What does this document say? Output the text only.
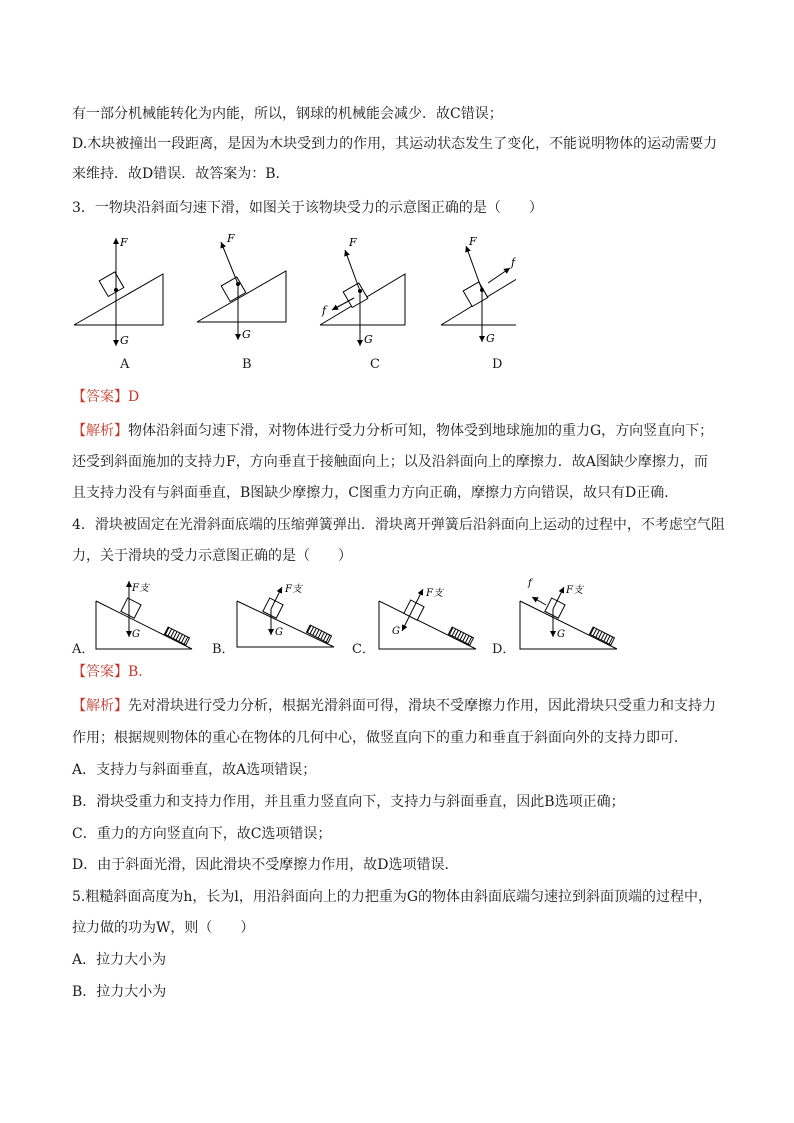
有一部分机械能转化为内能，所以，钢球的机械能会减少．故C错误；
D.木块被撞出一段距离，是因为木块受到力的作用，其运动状态发生了变化，不能说明物体的运动需要力
来维持．故D错误．故答案为：B．
3．一物块沿斜面匀速下滑，如图关于该物块受力的示意图正确的是（　　）
F
G
F
G
F
G
f
F
G
f
A	B	C	D
【答案】D
【解析】物体沿斜面匀速下滑，对物体进行受力分析可知，物体受到地球施加的重力G，方向竖直向下；
还受到斜面施加的支持力F，方向垂直于接触面向上；以及沿斜面向上的摩擦力．故A图缺少摩擦力，而
且支持力没有与斜面垂直，B图缺少摩擦力，C图重力方向正确，摩擦力方向错误，故只有D正确．
4．滑块被固定在光滑斜面底端的压缩弹簧弹出．滑块离开弹簧后沿斜面向上运动的过程中，不考虑空气阻
力，关于滑块的受力示意图正确的是（　　）
F支
G
F支
G
F支
G
F支
G
f
A．	B．	C．	D．
【答案】B．
【解析】先对滑块进行受力分析，根据光滑斜面可得，滑块不受摩擦力作用，因此滑块只受重力和支持力
作用；根据规则物体的重心在物体的几何中心，做竖直向下的重力和垂直于斜面向外的支持力即可．
A．支持力与斜面垂直，故A选项错误；
B．滑块受重力和支持力作用，并且重力竖直向下，支持力与斜面垂直，因此B选项正确；
C．重力的方向竖直向下，故C选项错误；
D．由于斜面光滑，因此滑块不受摩擦力作用，故D选项错误．
5.粗糙斜面高度为h，长为l，用沿斜面向上的力把重为G的物体由斜面底端匀速拉到斜面顶端的过程中，
拉力做的功为W，则（　　）
A．拉力大小为
B．拉力大小为
